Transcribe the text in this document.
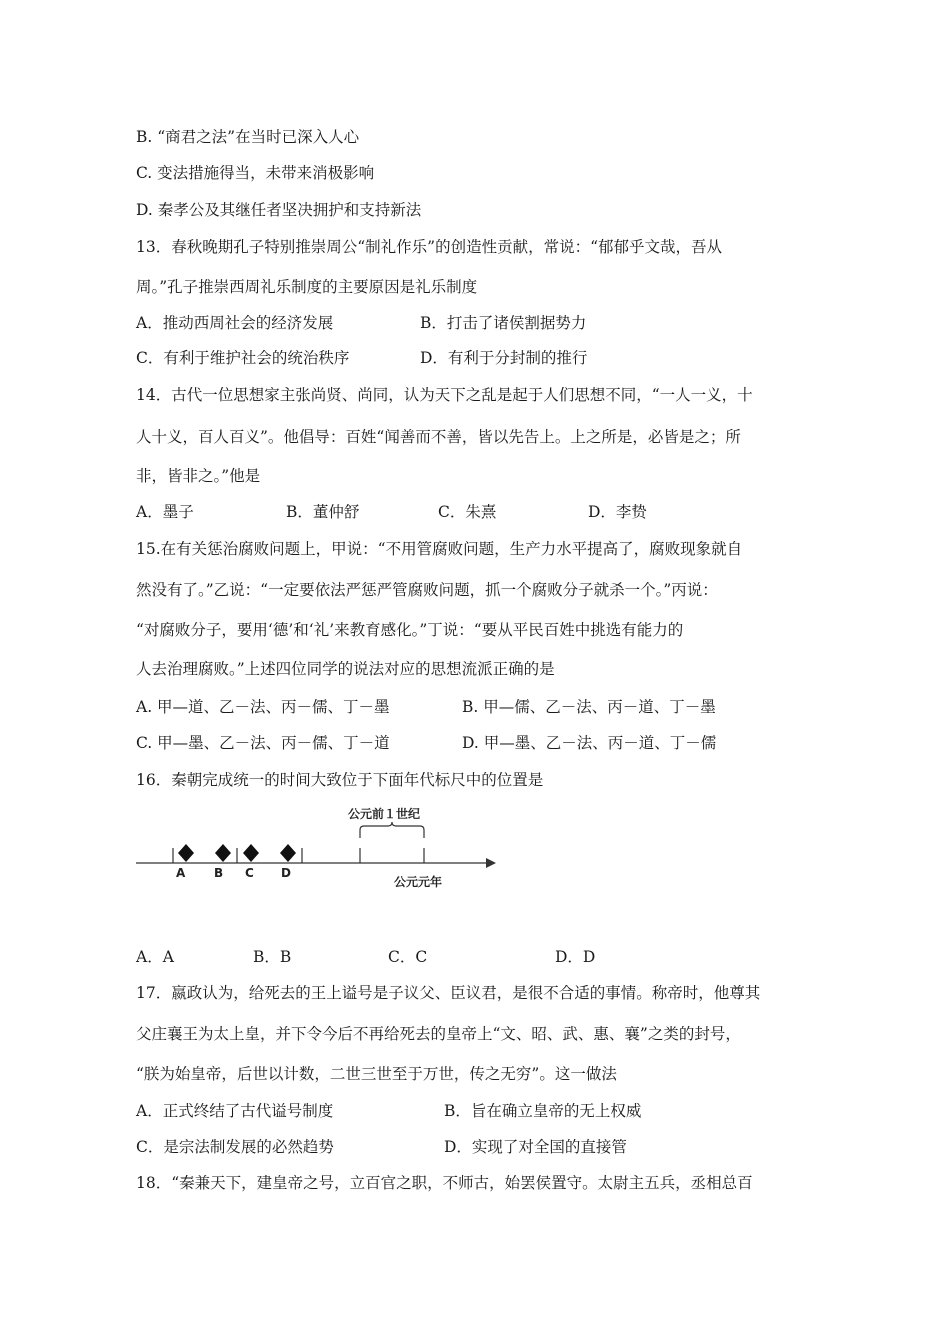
B. “商君之法”在当时已深入人心
C. 变法措施得当，未带来消极影响
D. 秦孝公及其继任者坚决拥护和支持新法
13．春秋晚期孔子特别推崇周公“制礼作乐”的创造性贡献，常说：“郁郁乎文哉，吾从
周。”孔子推崇西周礼乐制度的主要原因是礼乐制度
A．推动西周社会的经济发展	B．打击了诸侯割据势力
C．有利于维护社会的统治秩序	D．有利于分封制的推行
14．古代一位思想家主张尚贤、尚同，认为天下之乱是起于人们思想不同，“一人一义，十
人十义，百人百义”。他倡导：百姓“闻善而不善，皆以先告上。上之所是，必皆是之；所
非，皆非之。”他是
A．墨子	B．董仲舒	C．朱熹	D．李贽
15.在有关惩治腐败问题上，甲说：“不用管腐败问题，生产力水平提高了，腐败现象就自
然没有了。”乙说：“一定要依法严惩严管腐败问题，抓一个腐败分子就杀一个。”丙说：
“对腐败分子，要用‘德’和‘礼’来教育感化。”丁说：“要从平民百姓中挑选有能力的
人去治理腐败。”上述四位同学的说法对应的思想流派正确的是
A. 甲—道、乙－法、丙－儒、丁－墨	B. 甲—儒、乙－法、丙－道、丁－墨
C. 甲—墨、乙－法、丙－儒、丁－道	D. 甲—墨、乙－法、丙－道、丁－儒
16．秦朝完成统一的时间大致位于下面年代标尺中的位置是
公元前１世纪
公元元年
A B C D
A．A	B．B	C．C	D．D
17．嬴政认为，给死去的王上谥号是子议父、臣议君，是很不合适的事情。称帝时，他尊其
父庄襄王为太上皇，并下令今后不再给死去的皇帝上“文、昭、武、惠、襄”之类的封号，
“朕为始皇帝，后世以计数，二世三世至于万世，传之无穷”。这一做法
A．正式终结了古代谥号制度	B．旨在确立皇帝的无上权威
C．是宗法制发展的必然趋势	D．实现了对全国的直接管
18．“秦兼天下，建皇帝之号，立百官之职，不师古，始罢侯置守。太尉主五兵，丞相总百
